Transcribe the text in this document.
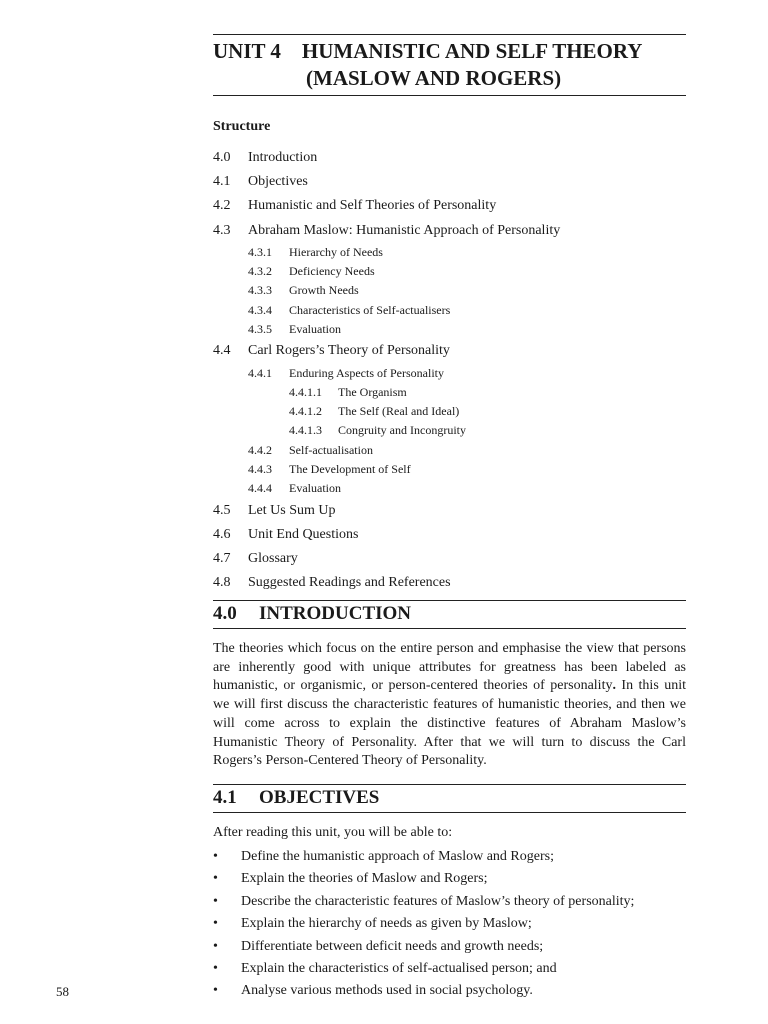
UNIT 4 HUMANISTIC AND SELF THEORY
(MASLOW AND ROGERS)
Structure
4.0 Introduction
4.1 Objectives
4.2 Humanistic and Self Theories of Personality
4.3 Abraham Maslow: Humanistic Approach of Personality
4.3.1 Hierarchy of Needs
4.3.2 Deficiency Needs
4.3.3 Growth Needs
4.3.4 Characteristics of Self-actualisers
4.3.5 Evaluation
4.4 Carl Rogers’s Theory of Personality
4.4.1 Enduring Aspects of Personality
4.4.1.1 The Organism
4.4.1.2 The Self (Real and Ideal)
4.4.1.3 Congruity and Incongruity
4.4.2 Self-actualisation
4.4.3 The Development of Self
4.4.4 Evaluation
4.5 Let Us Sum Up
4.6 Unit End Questions
4.7 Glossary
4.8 Suggested Readings and References
4.0 INTRODUCTION

The theories which focus on the entire person and emphasise the view that persons are inherently good with unique attributes for greatness has been labeled as humanistic, or organismic, or person-centered theories of personality. In this unit we will first discuss the characteristic features of humanistic theories, and then we will come across to explain the distinctive features of Abraham Maslow’s Humanistic Theory of Personality. After that we will turn to discuss the Carl Rogers’s Person-Centered Theory of Personality.

4.1 OBJECTIVES
After reading this unit, you will be able to:
• Define the humanistic approach of Maslow and Rogers;
• Explain the theories of Maslow and Rogers;
• Describe the characteristic features of Maslow’s theory of personality;
• Explain the hierarchy of needs as given by Maslow;
• Differentiate between deficit needs and growth needs;
• Explain the characteristics of self-actualised person; and
• Analyse various methods used in social psychology.
58
